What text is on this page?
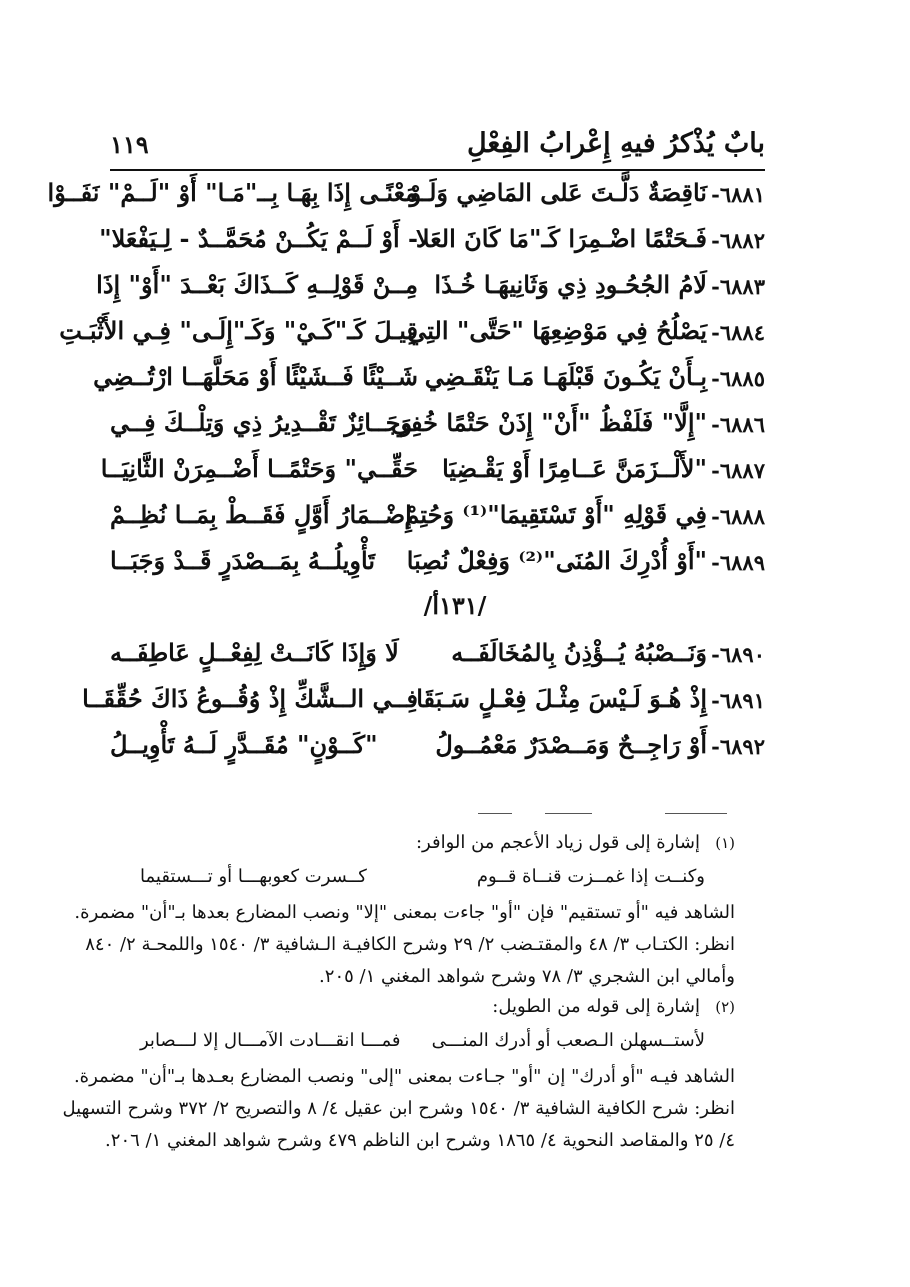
بابٌ يُذْكرُ فيهِ إِعْرابُ الفِعْلِ
١١٩
٦٨٨١-
نَاقِصَةٌ دَلَّـتَ عَلى المَاضِي وَلَـوْ
مَعْنًـى إِذَا بِهَـا بِــ"مَـا" أَوْ "لَــمْ" نَفَــوْا
٦٨٨٢-
فَـحَتْمًا اضْـمِرَا كَـ"مَا كَانَ العَلا
- أَوْ لَــمْ يَكُــنْ مُحَمَّــدٌ - لِـيَفْعَلا"
٦٨٨٣-
لَامُ الجُحُـودِ ذِي وَثَانِيهَـا خُـذَا
مِــنْ قَوْلِــهِ كَــذَاكَ بَعْــدَ "أَوْ" إِذَا
٦٨٨٤-
يَصْلُحُ فِي مَوْضِعِهَا "حَتَّى" التِي
قِيـلَ كَـ"كَـيْ" وَكَـ"إِلَـى" فِـي الأَثْبَـتِ
٦٨٨٥-
بِـأَنْ يَكُـونَ قَبْلَهَـا مَـا يَنْقَـضِي
شَــيْئًا فَــشَيْئًا أَوْ مَحَلَّهَــا ارْتُــضِي
٦٨٨٦-
"إِلَّا" فَلَفْظُ "أَنْ" إِذَنْ حَتْمًا خُفِي
وَجَــائِزٌ تَقْــدِيرُ ذِي وَتِلْــكَ فِــي
٦٨٨٧-
"لأَلْــزَمَنَّ عَــامِرًا أَوْ يَقْـضِيَا
حَقِّــي" وَحَتْمًــا أَضْــمِرَنْ الثَّانِيَــا
٦٨٨٨-
فِي قَوْلِهِ "أَوْ تَسْتَقِيمَا"⁽¹⁾ وَحُتِمْ
إِضْــمَارُ أَوَّلٍ فَقَــطْ بِمَــا نُظِــمْ
٦٨٨٩-
"أَوْ أُدْرِكَ المُنَى"⁽²⁾ وَفِعْلٌ نُصِبَا
تَأْوِيلُــهُ بِمَــصْدَرٍ قَــدْ وَجَبَــا
/١٣١أ/
٦٨٩٠-
وَنَــصْبُهُ يُــؤْذِنُ بِالمُخَالَفَــه
لَا وَإِذَا كَانَــتْ لِفِعْــلٍ عَاطِفَــه
٦٨٩١-
إِذْ هُـوَ لَـيْسَ مِثْـلَ فِعْـلٍ سَـبَقَا
فِــي الــشَّكِّ إِذْ وُقُــوعُ ذَاكَ حُقِّقَــا
٦٨٩٢-
أَوْ رَاجِــحٌ وَمَــصْدَرٌ مَعْمُــولُ
"كَــوْنٍ" مُقَــدَّرٍ لَــهُ تَأْوِيــلُ
(١)
إشارة إلى قول زياد الأعجم من الوافر:
وكنــت إذا غمــزت قنــاة قــوم
كــسرت كعوبهـــا أو تـــستقيما
الشاهد فيه "أو تستقيم" فإن "أو" جاءت بمعنى "إلا" ونصب المضارع بعدها بـ"أن" مضمرة.
انظر: الكتـاب ٣/ ٤٨ والمقتـضب ٢/ ٢٩ وشرح الكافيـة الـشافية ٣/ ١٥٤٠ واللمحـة ٢/ ٨٤٠
وأمالي ابن الشجري ٣/ ٧٨ وشرح شواهد المغني ١/ ٢٠٥.
(٢)
إشارة إلى قوله من الطويل:
لأستــسهلن الـصعب أو أدرك المنـــى
فمـــا انقـــادت الآمـــال إلا لـــصابر
الشاهد فيـه "أو أدرك" إن "أو" جـاءت بمعنى "إلى" ونصب المضارع بعـدها بـ"أن" مضمرة.
انظر: شرح الكافية الشافية ٣/ ١٥٤٠ وشرح ابن عقيل ٤/ ٨ والتصريح ٢/ ٣٧٢ وشرح التسهيل
٤/ ٢٥ والمقاصد النحوية ٤/ ١٨٦٥ وشرح ابن الناظم ٤٧٩ وشرح شواهد المغني ١/ ٢٠٦.
